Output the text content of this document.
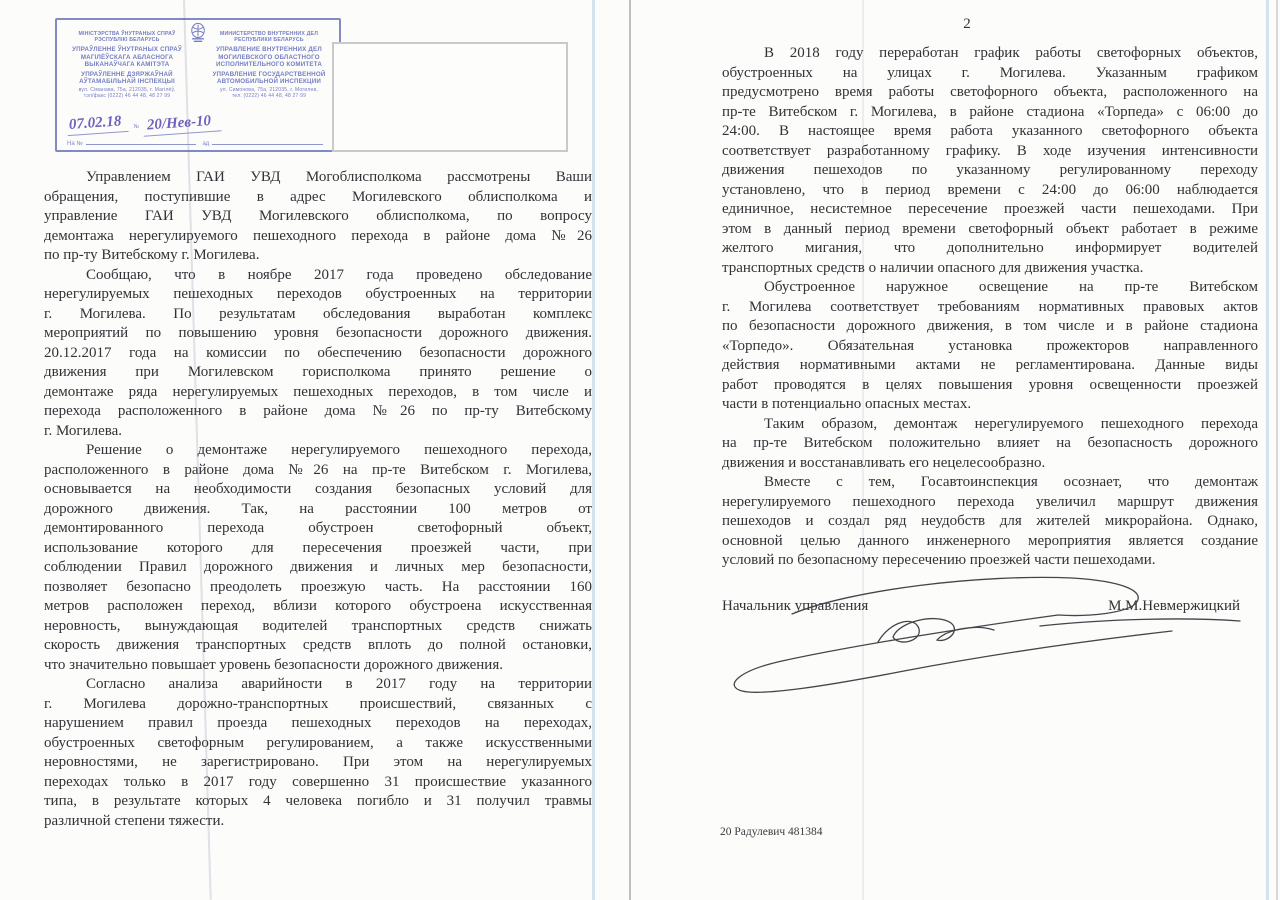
МІНІСТЭРСТВА ЎНУТРАНЫХ СПРАЎ
РЭСПУБЛІКІ БЕЛАРУСЬ
УПРАЎЛЕННЕ ЎНУТРАНЫХ СПРАЎ
МАГІЛЁЎСКАГА АБЛАСНОГА
ВЫКАНАЎЧАГА КАМІТЭТА
УПРАЎЛЕННЕ ДЗЯРЖАЎНАЙ
АЎТАМАБІЛЬНАЙ ІНСПЕКЦЫІ
вул. Сіманава, 75а, 212035, г. Магілёў,
тэл/факс (0222) 46 44 48, 48 27 99
МИНИСТЕРСТВО ВНУТРЕННИХ ДЕЛ
РЕСПУБЛИКИ БЕЛАРУСЬ
УПРАВЛЕНИЕ ВНУТРЕННИХ ДЕЛ
МОГИЛЕВСКОГО ОБЛАСТНОГО
ИСПОЛНИТЕЛЬНОГО КОМИТЕТА
УПРАВЛЕНИЕ ГОСУДАРСТВЕННОЙ
АВТОМОБИЛЬНОЙ ИНСПЕКЦИИ
ул. Симонова, 75а, 212035, г. Могилев,
тел. (0222) 46 44 48, 48 27 99
07.02.18	№ 20/Нев-10
На №	ад
Управлением ГАИ УВД Могоблисполкома рассмотрены Ваши
обращения, поступившие в адрес Могилевского облисполкома и
управление ГАИ УВД Могилевского облисполкома, по вопросу
демонтажа нерегулируемого пешеходного перехода в районе дома №26
по пр-ту Витебскому г. Могилева.
Сообщаю, что в ноябре 2017 года проведено обследование
нерегулируемых пешеходных переходов обустроенных на территории
г. Могилева. По результатам обследования выработан комплекс
мероприятий по повышению уровня безопасности дорожного движения.
20.12.2017 года на комиссии по обеспечению безопасности дорожного
движения при Могилевском горисполкома принято решение о
демонтаже ряда нерегулируемых пешеходных переходов, в том числе и
перехода расположенного в районе дома №26 по пр-ту Витебскому
г. Могилева.
Решение о демонтаже нерегулируемого пешеходного перехода,
расположенного в районе дома №26 на пр-те Витебском г. Могилева,
основывается на необходимости создания безопасных условий для
дорожного движения. Так, на расстоянии 100 метров от
демонтированного перехода обустроен светофорный объект,
использование которого для пересечения проезжей части, при
соблюдении Правил дорожного движения и личных мер безопасности,
позволяет безопасно преодолеть проезжую часть. На расстоянии 160
метров расположен переход, вблизи которого обустроена искусственная
неровность, вынуждающая водителей транспортных средств снижать
скорость движения транспортных средств вплоть до полной остановки,
что значительно повышает уровень безопасности дорожного движения.
Согласно анализа аварийности в 2017 году на территории
г. Могилева дорожно-транспортных происшествий, связанных с
нарушением правил проезда пешеходных переходов на переходах,
обустроенных светофорным регулированием, а также искусственными
неровностями, не зарегистрировано. При этом на нерегулируемых
переходах только в 2017 году совершенно 31 происшествие указанного
типа, в результате которых 4 человека погибло и 31 получил травмы
различной степени тяжести.
2
В 2018 году переработан график работы светофорных объектов,
обустроенных на улицах г. Могилева. Указанным графиком
предусмотрено время работы светофорного объекта, расположенного на
пр-те Витебском г. Могилева, в районе стадиона «Торпеда» с 06:00 до
24:00. В настоящее время работа указанного светофорного объекта
соответствует разработанному графику. В ходе изучения интенсивности
движения пешеходов по указанному регулированному переходу
установлено, что в период времени с 24:00 до 06:00 наблюдается
единичное, несистемное пересечение проезжей части пешеходами. При
этом в данный период времени светофорный объект работает в режиме
желтого мигания, что дополнительно информирует водителей
транспортных средств о наличии опасного для движения участка.
Обустроенное наружное освещение на пр-те Витебском
г. Могилева соответствует требованиям нормативных правовых актов
по безопасности дорожного движения, в том числе и в районе стадиона
«Торпедо». Обязательная установка прожекторов направленного
действия нормативными актами не регламентирована. Данные виды
работ проводятся в целях повышения уровня освещенности проезжей
части в потенциально опасных местах.
Таким образом, демонтаж нерегулируемого пешеходного перехода
на пр-те Витебском положительно влияет на безопасность дорожного
движения и восстанавливать его нецелесообразно.
Вместе с тем, Госавтоинспекция осознает, что демонтаж
нерегулируемого пешеходного перехода увеличил маршрут движения
пешеходов и создал ряд неудобств для жителей микрорайона. Однако,
основной целью данного инженерного мероприятия является создание
условий по безопасному пересечению проезжей части пешеходами.
Начальник управления	М.М.Невмержицкий
20 Радулевич 481384
